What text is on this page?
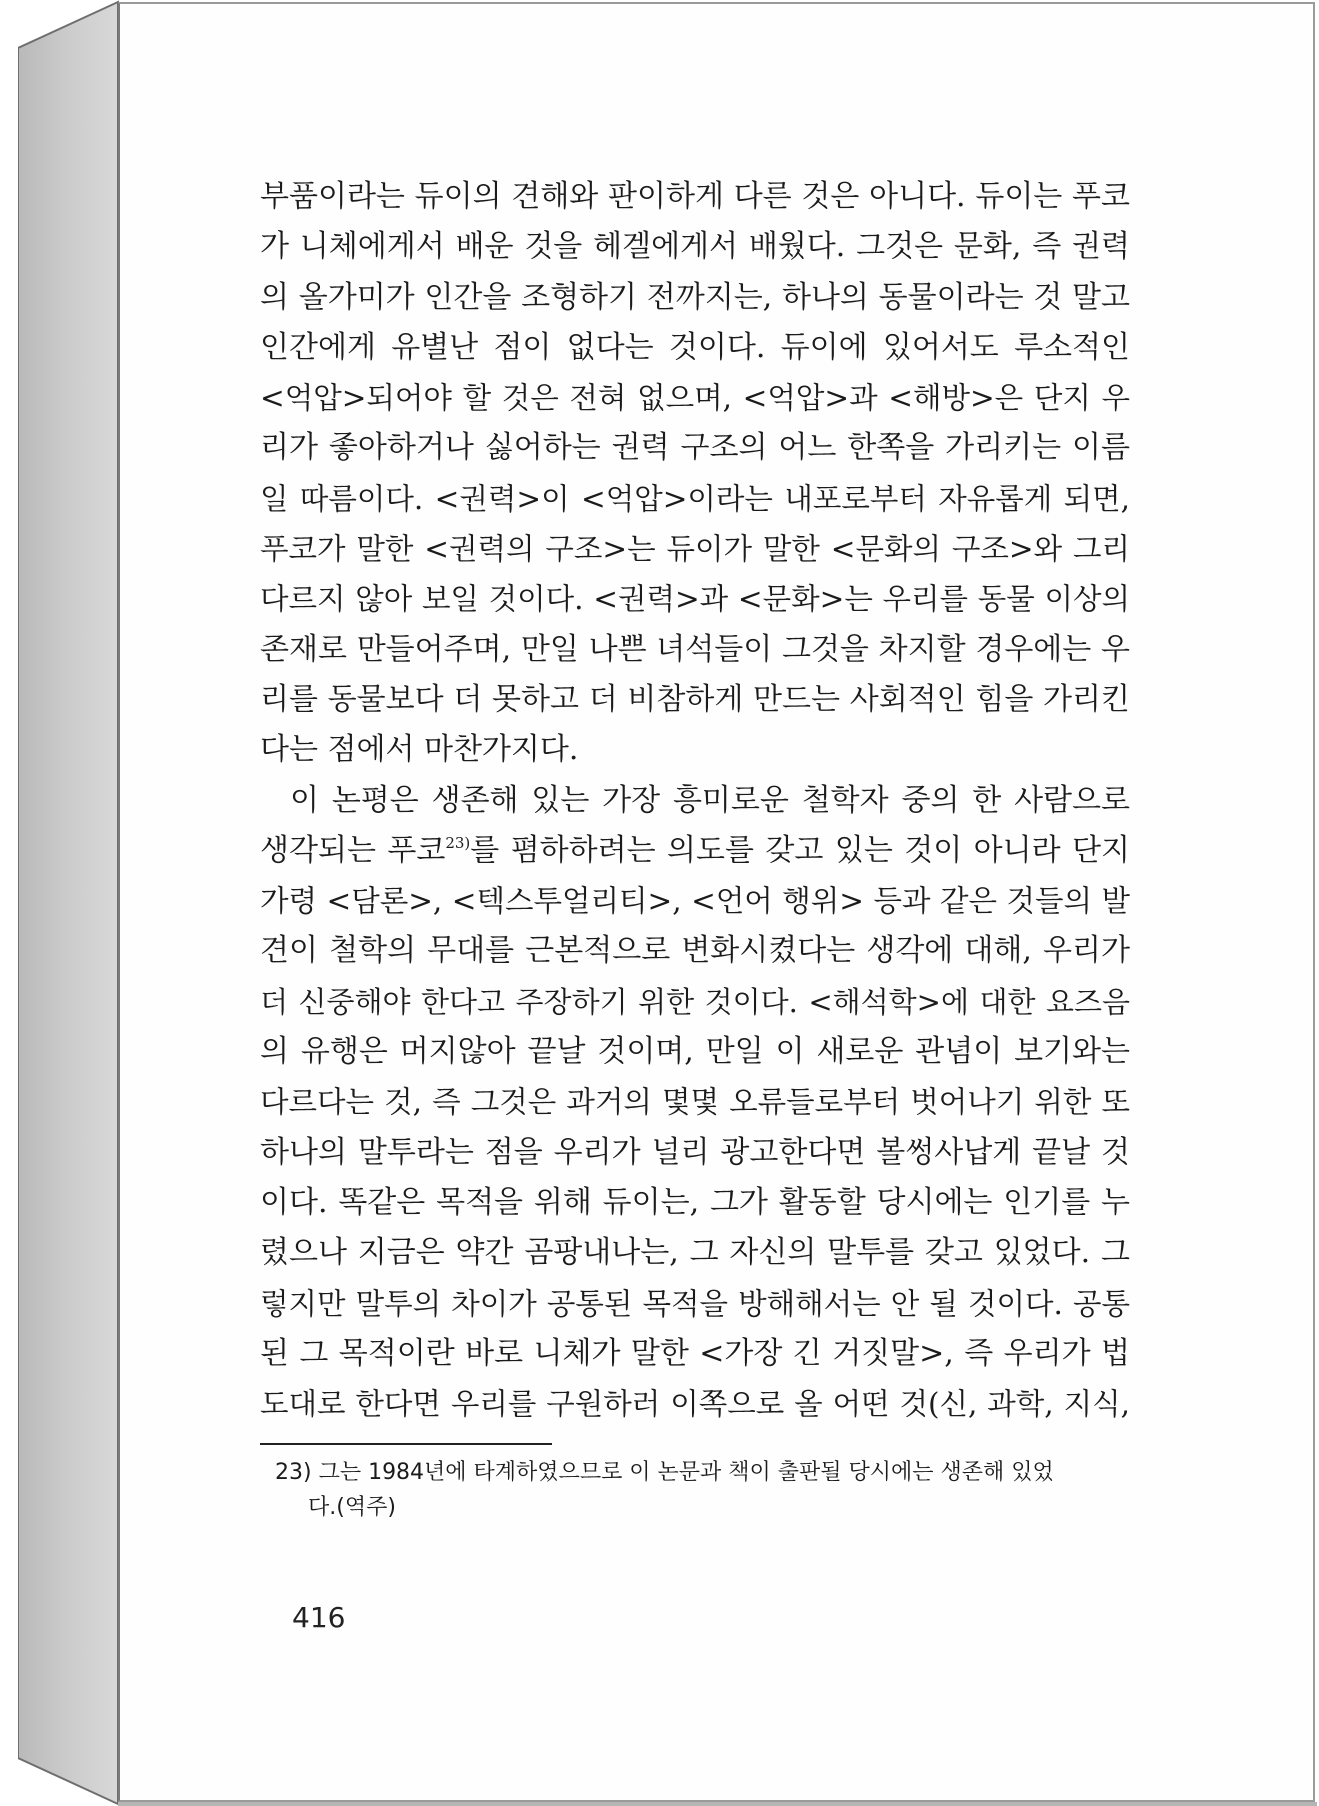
부품이라는 듀이의 견해와 판이하게 다른 것은 아니다. 듀이는 푸코
가 니체에게서 배운 것을 헤겔에게서 배웠다. 그것은 문화, 즉 권력
의 올가미가 인간을 조형하기 전까지는, 하나의 동물이라는 것 말고
인간에게 유별난 점이 없다는 것이다. 듀이에 있어서도 루소적인
<억압>되어야 할 것은 전혀 없으며, <억압>과 <해방>은 단지 우
리가 좋아하거나 싫어하는 권력 구조의 어느 한쪽을 가리키는 이름
일 따름이다. <권력>이 <억압>이라는 내포로부터 자유롭게 되면,
푸코가 말한 <권력의 구조>는 듀이가 말한 <문화의 구조>와 그리
다르지 않아 보일 것이다. <권력>과 <문화>는 우리를 동물 이상의
존재로 만들어주며, 만일 나쁜 녀석들이 그것을 차지할 경우에는 우
리를 동물보다 더 못하고 더 비참하게 만드는 사회적인 힘을 가리킨
다는 점에서 마찬가지다.
이 논평은 생존해 있는 가장 흥미로운 철학자 중의 한 사람으로
생각되는 푸코$^{23)}$를 폄하하려는 의도를 갖고 있는 것이 아니라 단지
가령 <담론>, <텍스투얼리티>, <언어 행위> 등과 같은 것들의 발
견이 철학의 무대를 근본적으로 변화시켰다는 생각에 대해, 우리가
더 신중해야 한다고 주장하기 위한 것이다. <해석학>에 대한 요즈음
의 유행은 머지않아 끝날 것이며, 만일 이 새로운 관념이 보기와는
다르다는 것, 즉 그것은 과거의 몇몇 오류들로부터 벗어나기 위한 또
하나의 말투라는 점을 우리가 널리 광고한다면 볼썽사납게 끝날 것
이다. 똑같은 목적을 위해 듀이는, 그가 활동할 당시에는 인기를 누
렸으나 지금은 약간 곰팡내나는, 그 자신의 말투를 갖고 있었다. 그
렇지만 말투의 차이가 공통된 목적을 방해해서는 안 될 것이다. 공통
된 그 목적이란 바로 니체가 말한 <가장 긴 거짓말>, 즉 우리가 법
도대로 한다면 우리를 구원하러 이쪽으로 올 어떤 것(신, 과학, 지식,
23) 그는 1984년에 타계하였으므로 이 논문과 책이 출판될 당시에는 생존해 있었
다.(역주)
416
